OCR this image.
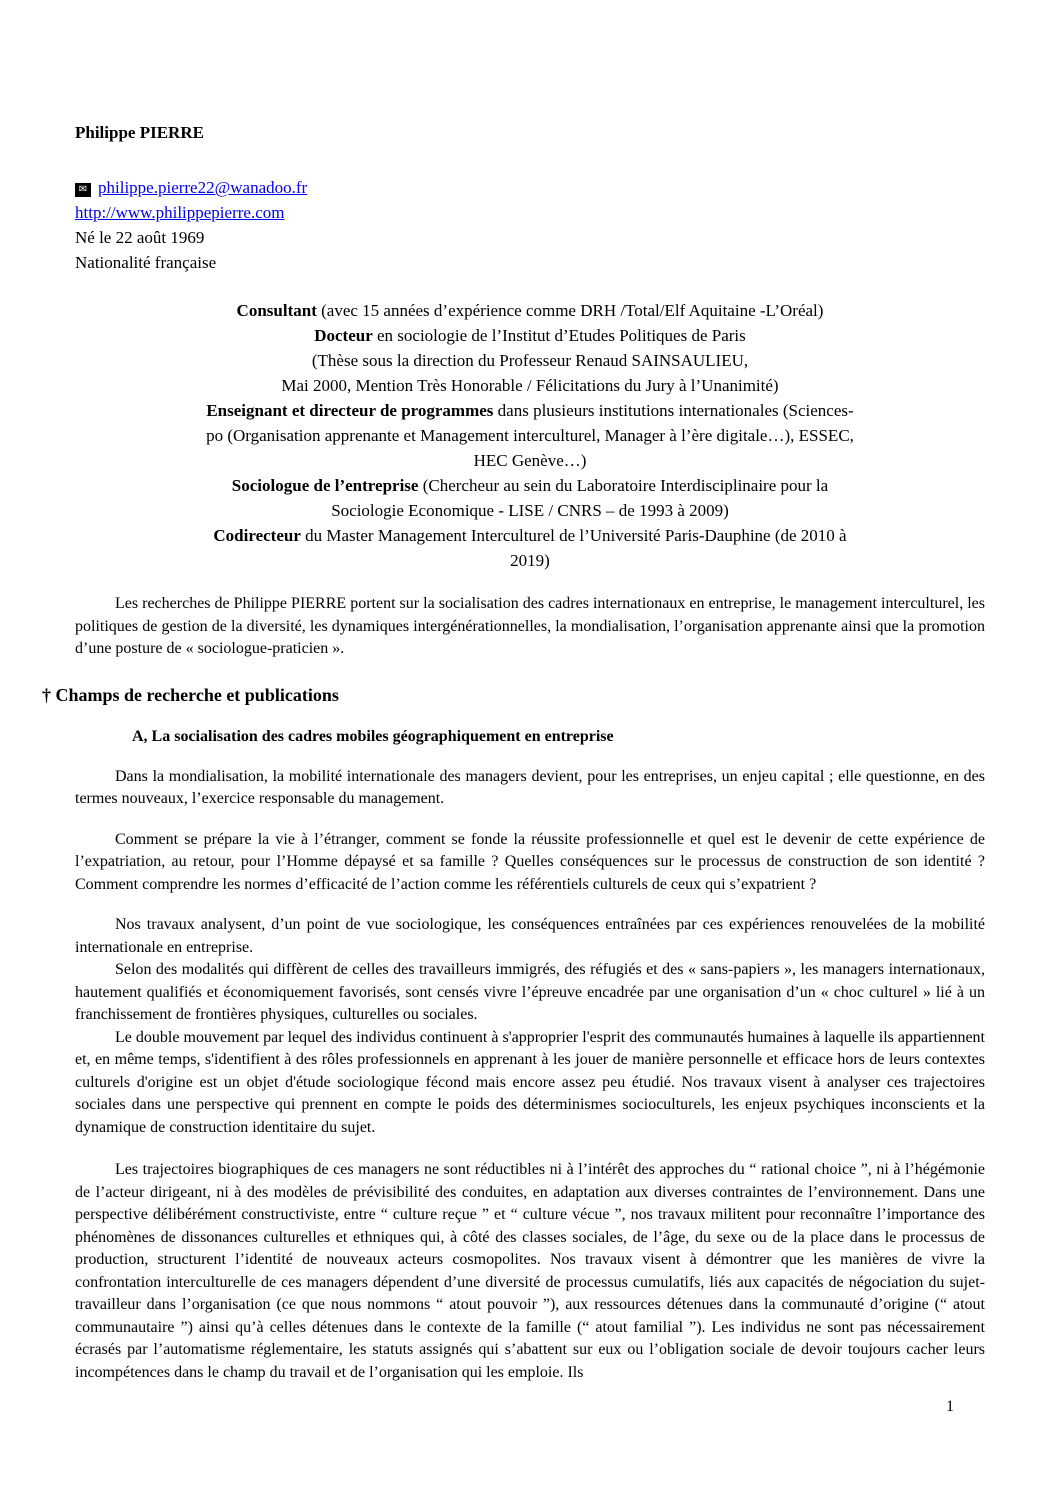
Philippe PIERRE

✉ philippe.pierre22@wanadoo.fr

http://www.philippepierre.com

Né le 22 août 1969

Nationalité française

Consultant (avec 15 années d’expérience comme DRH /Total/Elf Aquitaine -L’Oréal)
Docteur en sociologie de l’Institut d’Etudes Politiques de Paris
(Thèse sous la direction du Professeur Renaud SAINSAULIEU,
Mai 2000, Mention Très Honorable / Félicitations du Jury à l’Unanimité)
Enseignant et directeur de programmes dans plusieurs institutions internationales (Sciences-
po (Organisation apprenante et Management interculturel, Manager à l’ère digitale…), ESSEC,
HEC Genève…)
Sociologue de l’entreprise (Chercheur au sein du Laboratoire Interdisciplinaire pour la
Sociologie Economique - LISE / CNRS – de 1993 à 2009)
Codirecteur du Master Management Interculturel de l’Université Paris-Dauphine (de 2010 à
2019)

Les recherches de Philippe PIERRE portent sur la socialisation des cadres internationaux en entreprise, le management interculturel, les politiques de gestion de la diversité, les dynamiques intergénérationnelles, la mondialisation, l’organisation apprenante ainsi que la promotion d’une posture de « sociologue-praticien ».

† Champs de recherche et publications
A, La socialisation des cadres mobiles géographiquement en entreprise

Dans la mondialisation, la mobilité internationale des managers devient, pour les entreprises, un enjeu capital ; elle questionne, en des termes nouveaux, l’exercice responsable du management.

Comment se prépare la vie à l’étranger, comment se fonde la réussite professionnelle et quel est le devenir de cette expérience de l’expatriation, au retour, pour l’Homme dépaysé et sa famille ? Quelles conséquences sur le processus de construction de son identité ? Comment comprendre les normes d’efficacité de l’action comme les référentiels culturels de ceux qui s’expatrient ?

Nos travaux analysent, d’un point de vue sociologique, les conséquences entraînées par ces expériences renouvelées de la mobilité internationale en entreprise.

Selon des modalités qui diffèrent de celles des travailleurs immigrés, des réfugiés et des « sans-papiers », les managers internationaux, hautement qualifiés et économiquement favorisés, sont censés vivre l’épreuve encadrée par une organisation d’un « choc culturel » lié à un franchissement de frontières physiques, culturelles ou sociales.

Le double mouvement par lequel des individus continuent à s'approprier l'esprit des communautés humaines à laquelle ils appartiennent et, en même temps, s'identifient à des rôles professionnels en apprenant à les jouer de manière personnelle et efficace hors de leurs contextes culturels d'origine est un objet d'étude sociologique fécond mais encore assez peu étudié. Nos travaux visent à analyser ces trajectoires sociales dans une perspective qui prennent en compte le poids des déterminismes socioculturels, les enjeux psychiques inconscients et la dynamique de construction identitaire du sujet.

Les trajectoires biographiques de ces managers ne sont réductibles ni à l’intérêt des approches du “ rational choice ”, ni à l’hégémonie de l’acteur dirigeant, ni à des modèles de prévisibilité des conduites, en adaptation aux diverses contraintes de l’environnement. Dans une perspective délibérément constructiviste, entre “ culture reçue ” et “ culture vécue ”, nos travaux militent pour reconnaître l’importance des phénomènes de dissonances culturelles et ethniques qui, à côté des classes sociales, de l’âge, du sexe ou de la place dans le processus de production, structurent l’identité de nouveaux acteurs cosmopolites. Nos travaux visent à démontrer que les manières de vivre la confrontation interculturelle de ces managers dépendent d’une diversité de processus cumulatifs, liés aux capacités de négociation du sujet-travailleur dans l’organisation (ce que nous nommons “ atout pouvoir ”), aux ressources détenues dans la communauté d’origine (“ atout communautaire ”) ainsi qu’à celles détenues dans le contexte de la famille (“ atout familial ”). Les individus ne sont pas nécessairement écrasés par l’automatisme réglementaire, les statuts assignés qui s’abattent sur eux ou l’obligation sociale de devoir toujours cacher leurs incompétences dans le champ du travail et de l’organisation qui les emploie. Ils

1
